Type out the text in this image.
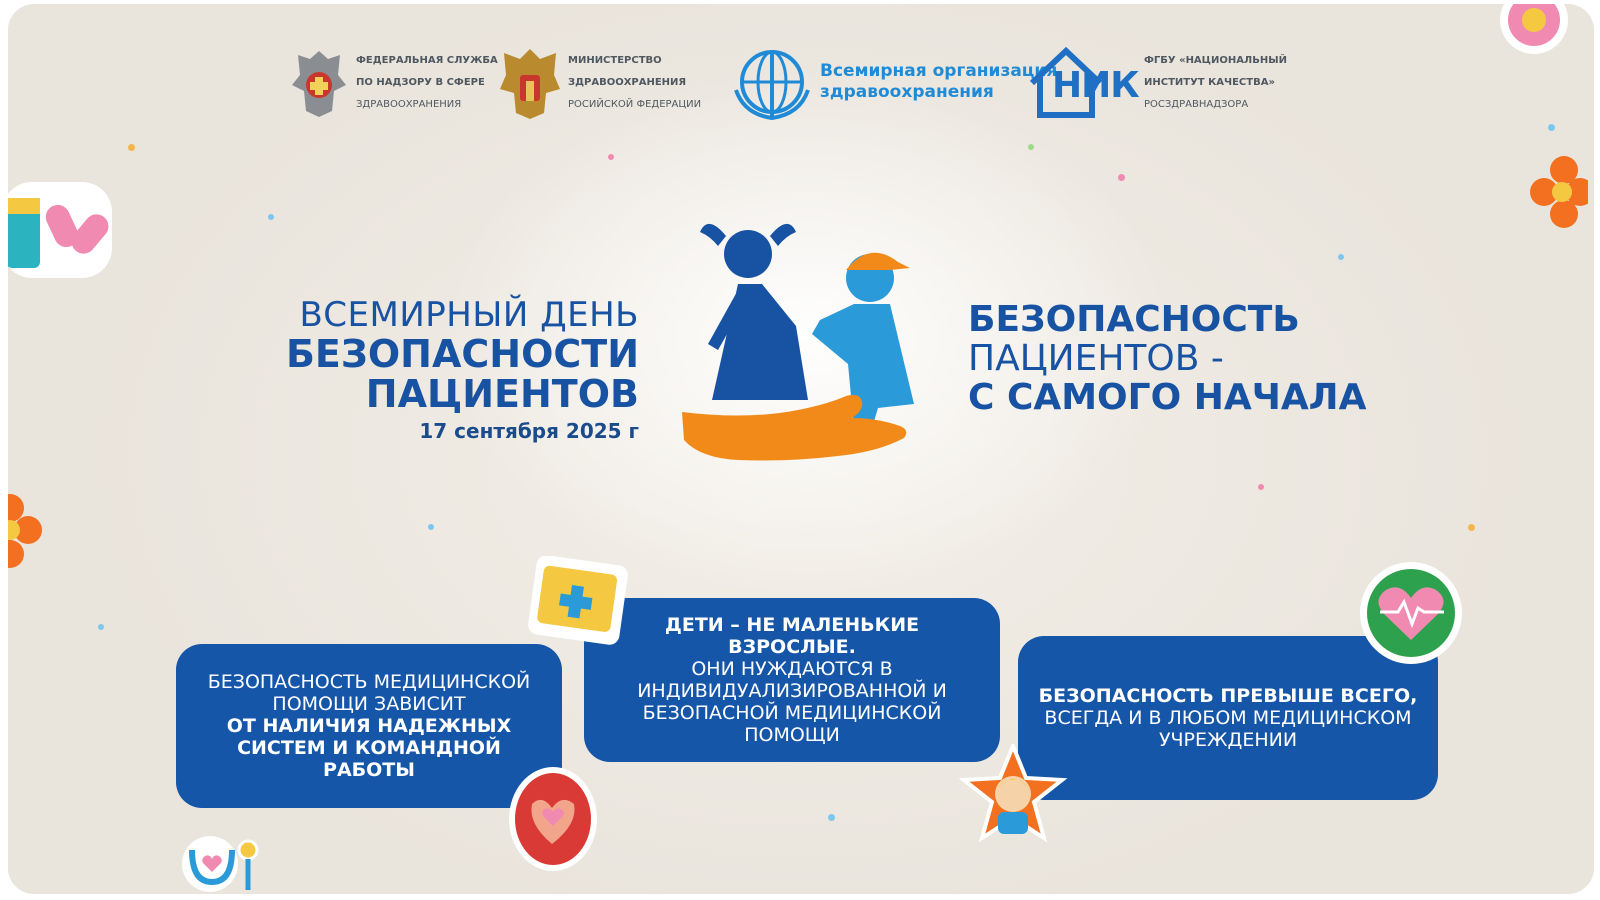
ФЕДЕРАЛЬНАЯ СЛУЖБА

ПО НАДЗОРУ В СФЕРЕ

ЗДРАВООХРАНЕНИЯ

МИНИСТЕРСТВО

ЗДРАВООХРАНЕНИЯ

РОСИЙСКОЙ ФЕДЕРАЦИИ

Всемирная организация
здравоохранения	НИК

ФГБУ «НАЦИОНАЛЬНЫЙ

ИНСТИТУТ КАЧЕСТВА»

РОСЗДРАВНАДЗОРА

ВСЕМИРНЫЙ ДЕНЬ
БЕЗОПАСНОСТИ
ПАЦИЕНТОВ
17 сентября 2025 г
БЕЗОПАСНОСТЬ
ПАЦИЕНТОВ -
С САМОГО НАЧАЛА
БЕЗОПАСНОСТЬ МЕДИЦИНСКОЙ ПОМОЩИ ЗАВИСИТ
ОТ НАЛИЧИЯ НАДЕЖНЫХ СИСТЕМ И КОМАНДНОЙ РАБОТЫ
ДЕТИ – НЕ МАЛЕНЬКИЕ ВЗРОСЛЫЕ.
ОНИ НУЖДАЮТСЯ В ИНДИВИДУАЛИЗИРОВАННОЙ И БЕЗОПАСНОЙ МЕДИЦИНСКОЙ ПОМОЩИ
БЕЗОПАСНОСТЬ ПРЕВЫШЕ ВСЕГО,
ВСЕГДА И В ЛЮБОМ МЕДИЦИНСКОМ УЧРЕЖДЕНИИ
